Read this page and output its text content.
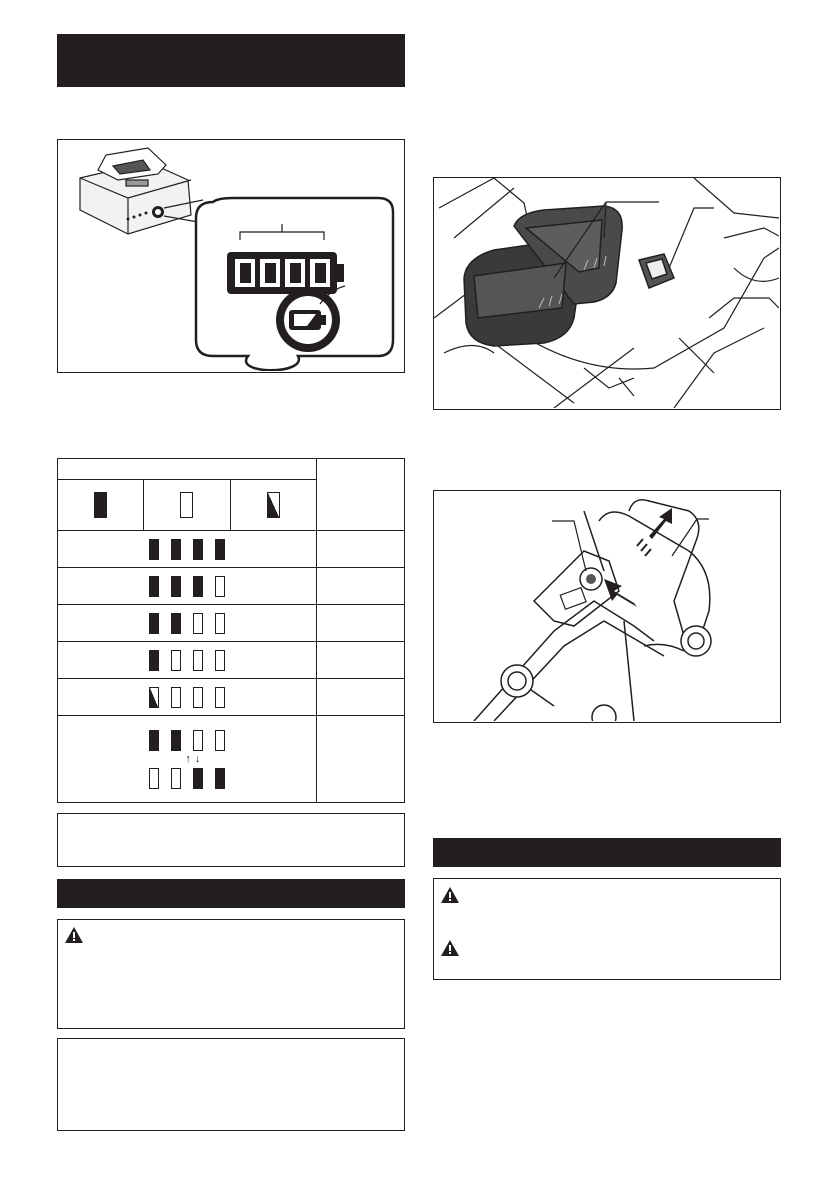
↑↓			
